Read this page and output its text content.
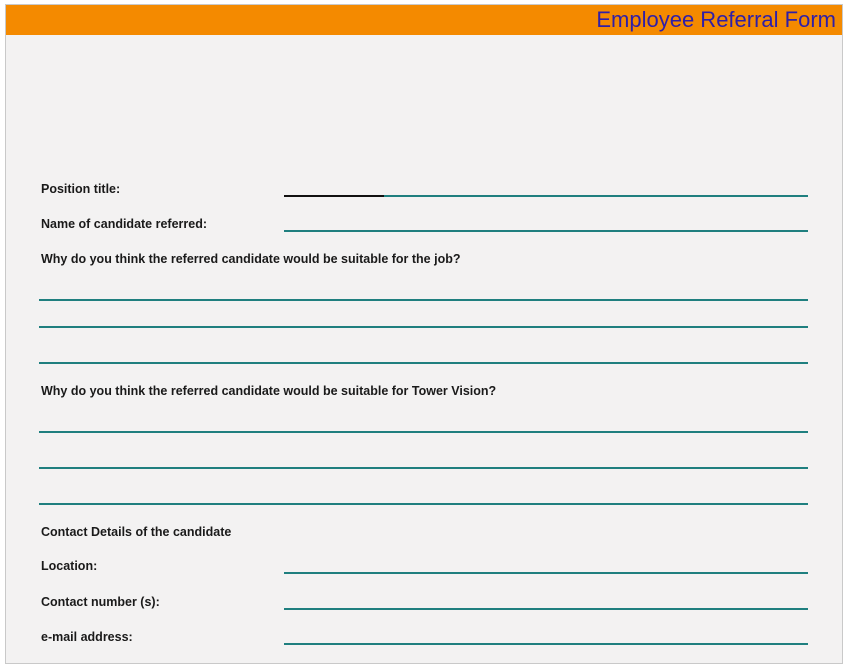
Employee Referral Form
Position title:
Name of candidate referred:
Why do you think the referred candidate would be suitable for the job?
Why do you think the referred candidate would be suitable for Tower Vision?
Contact Details of the candidate
Location:
Contact number (s):
e-mail address:
